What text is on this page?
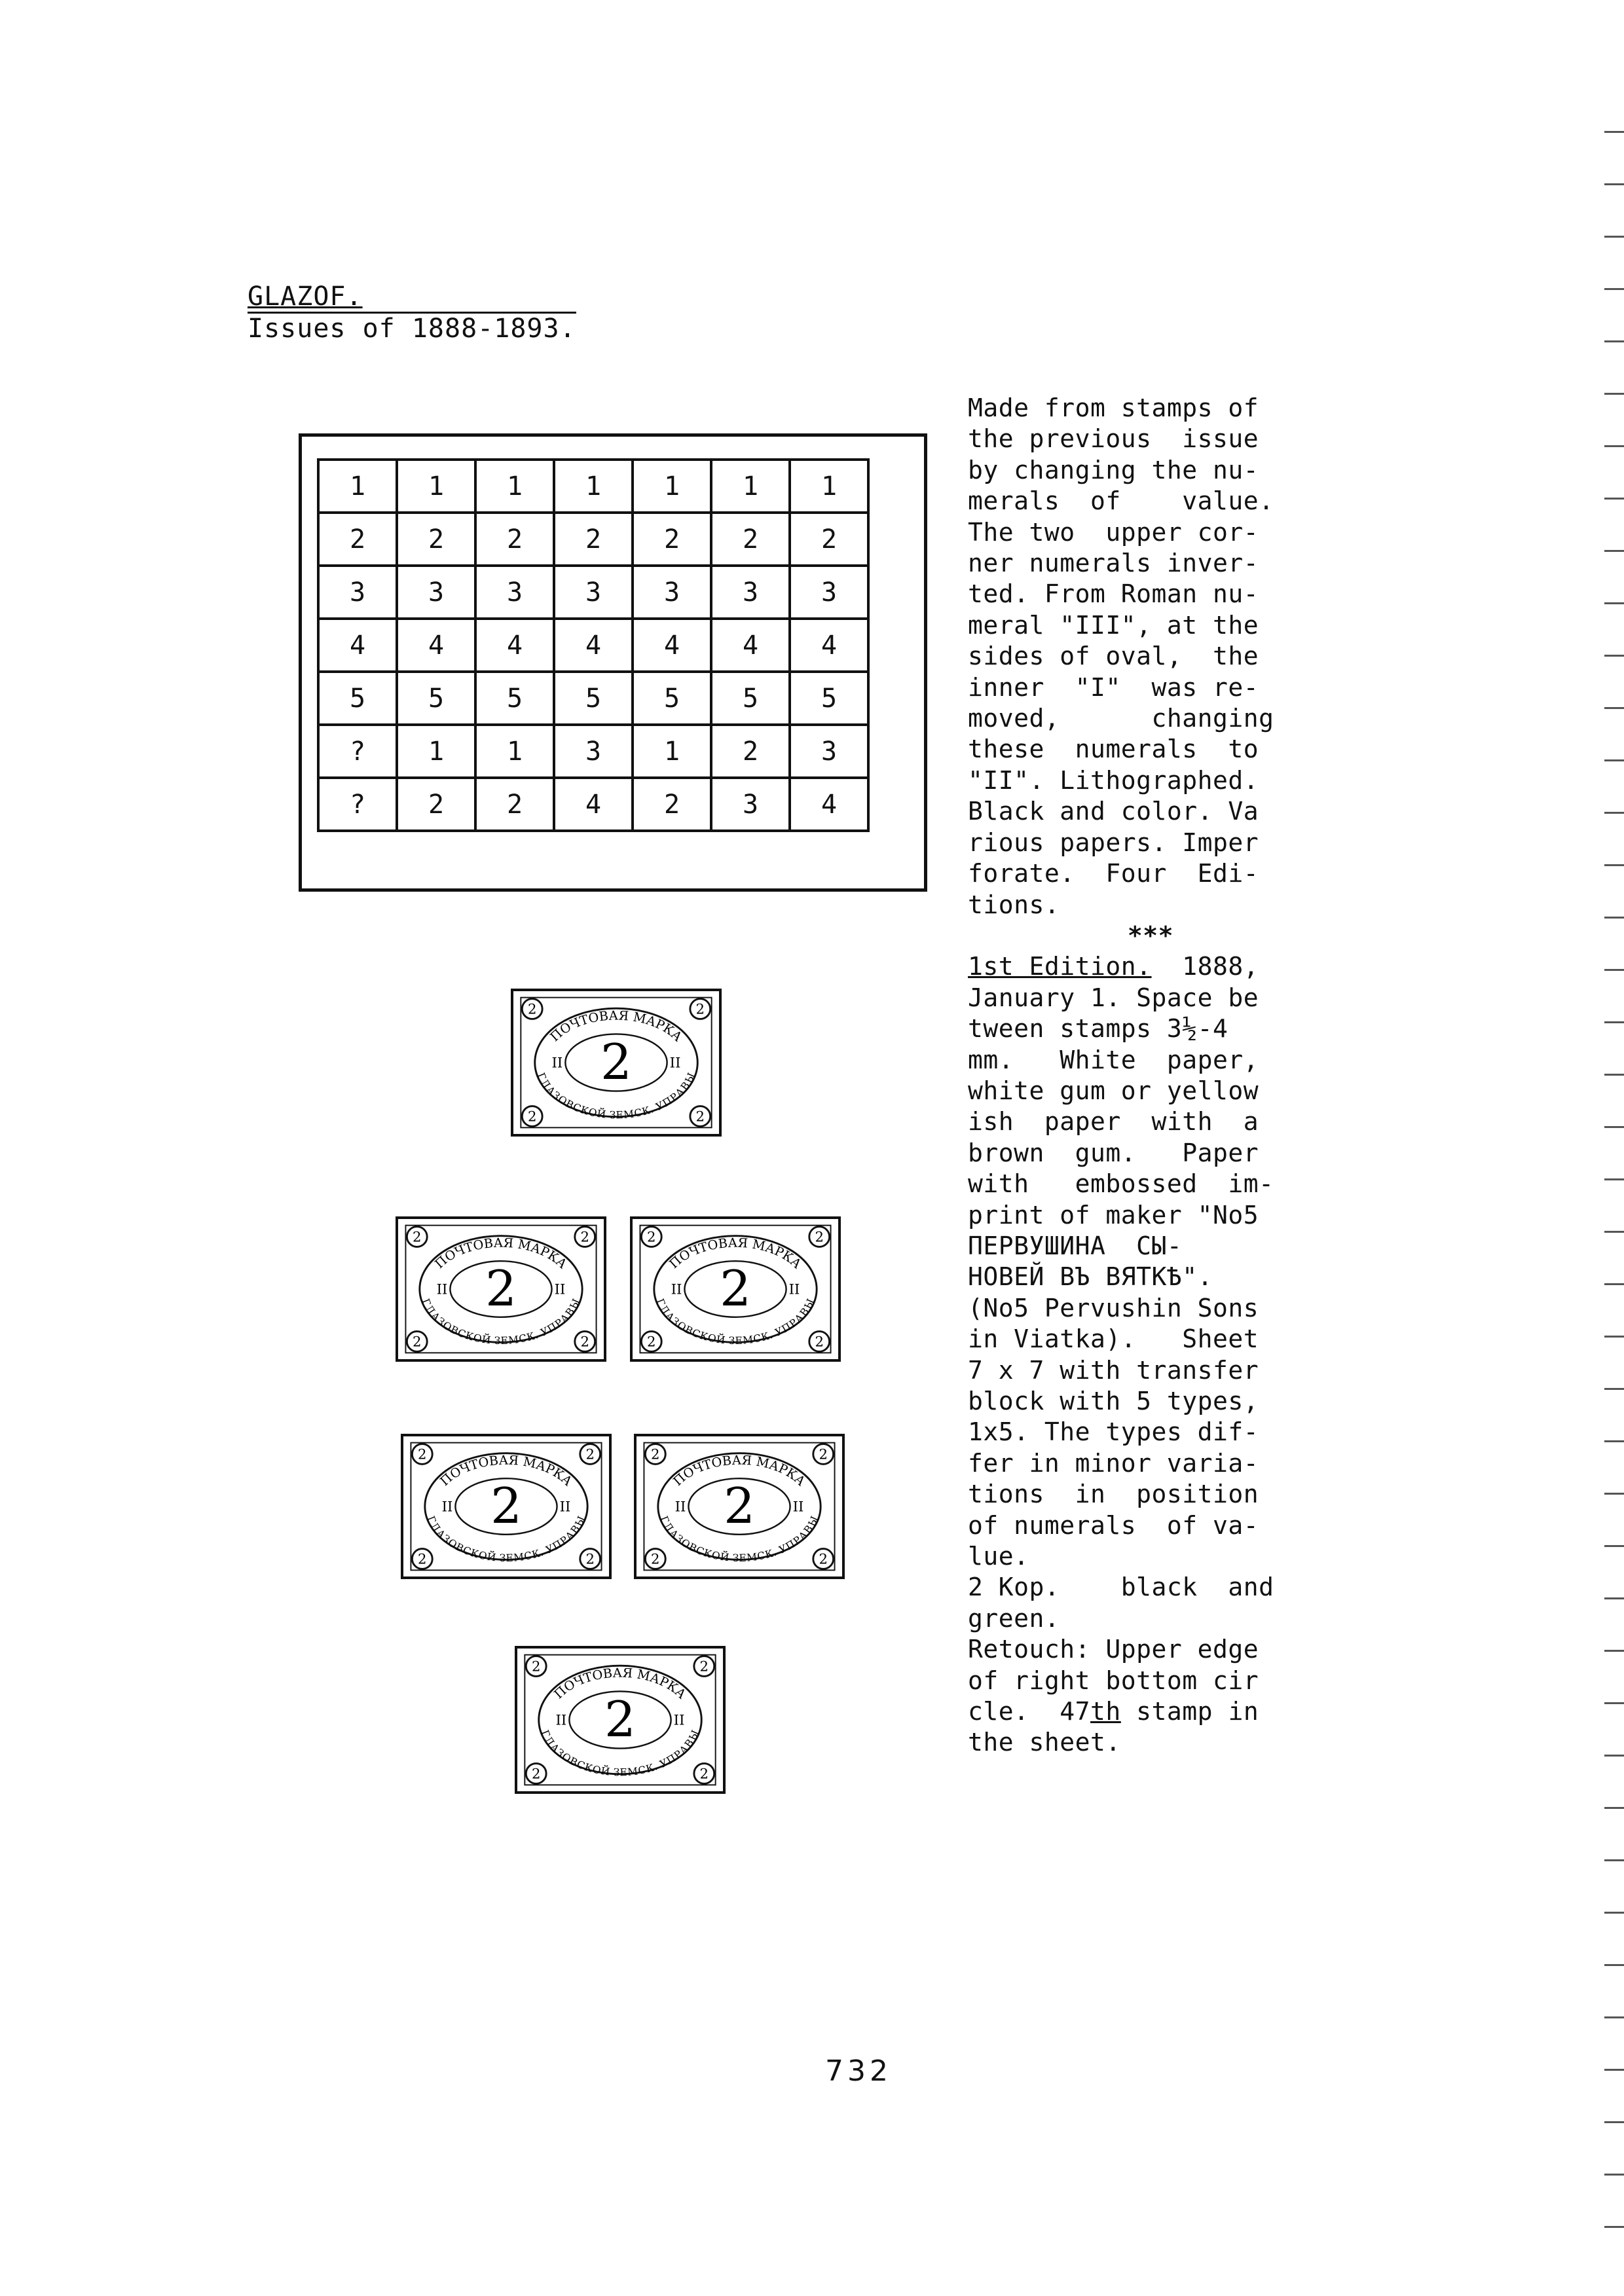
GLAZOF.
Issues of 1888-1893.
1	1	1	1	1	1	1
2	2	2	2	2	2	2
3	3	3	3	3	3	3
4	4	4	4	4	4	4
5	5	5	5	5	5	5
?	1	1	3	1	2	3
?	2	2	4	2	3	4

Made from stamps of

the previous  issue

by changing the nu-

merals  of    value.

The two  upper cor-

ner numerals inver-

ted. From Roman nu-

meral "III", at the

sides of oval,  the

inner  "I"  was re-

moved,      changing

these  numerals  to

"II". Lithographed.

Black and color. Va

rious papers. Imper

forate.  Four  Edi-

tions.

***

1st Edition.  1888,

January 1. Space be

tween stamps 3½-4

mm.   White  paper,

white gum or yellow

ish  paper  with  a

brown  gum.   Paper

with   embossed  im-

print of maker "No5

ПЕРВУШИНА  СЫ-

НОВЕЙ ВЪ ВЯТКѢ".

(No5 Pervushin Sons

in Viatka).   Sheet

7 x 7 with transfer

block with 5 types,

1x5. The types dif-

fer in minor varia-

tions  in  position

of numerals  of va-

lue.

2 Kop.    black  and

green.

Retouch: Upper edge

of right bottom cir

cle.  47th stamp in

the sheet.

2	2
2	2
ПОЧТОВАЯ МАРКА
ГЛАЗОВСКОЙ ЗЕМСК. УПРАВЫ
II	II
2
2	2
2	2
ПОЧТОВАЯ МАРКА
ГЛАЗОВСКОЙ ЗЕМСК. УПРАВЫ
II	II
2
2	2
2	2
ПОЧТОВАЯ МАРКА
ГЛАЗОВСКОЙ ЗЕМСК. УПРАВЫ
II	II
2
2	2
2	2
ПОЧТОВАЯ МАРКА
ГЛАЗОВСКОЙ ЗЕМСК. УПРАВЫ
II	II
2
2	2
2	2
ПОЧТОВАЯ МАРКА
ГЛАЗОВСКОЙ ЗЕМСК. УПРАВЫ
II	II
2
2	2
2	2
ПОЧТОВАЯ МАРКА
ГЛАЗОВСКОЙ ЗЕМСК. УПРАВЫ
II	II
2
732
